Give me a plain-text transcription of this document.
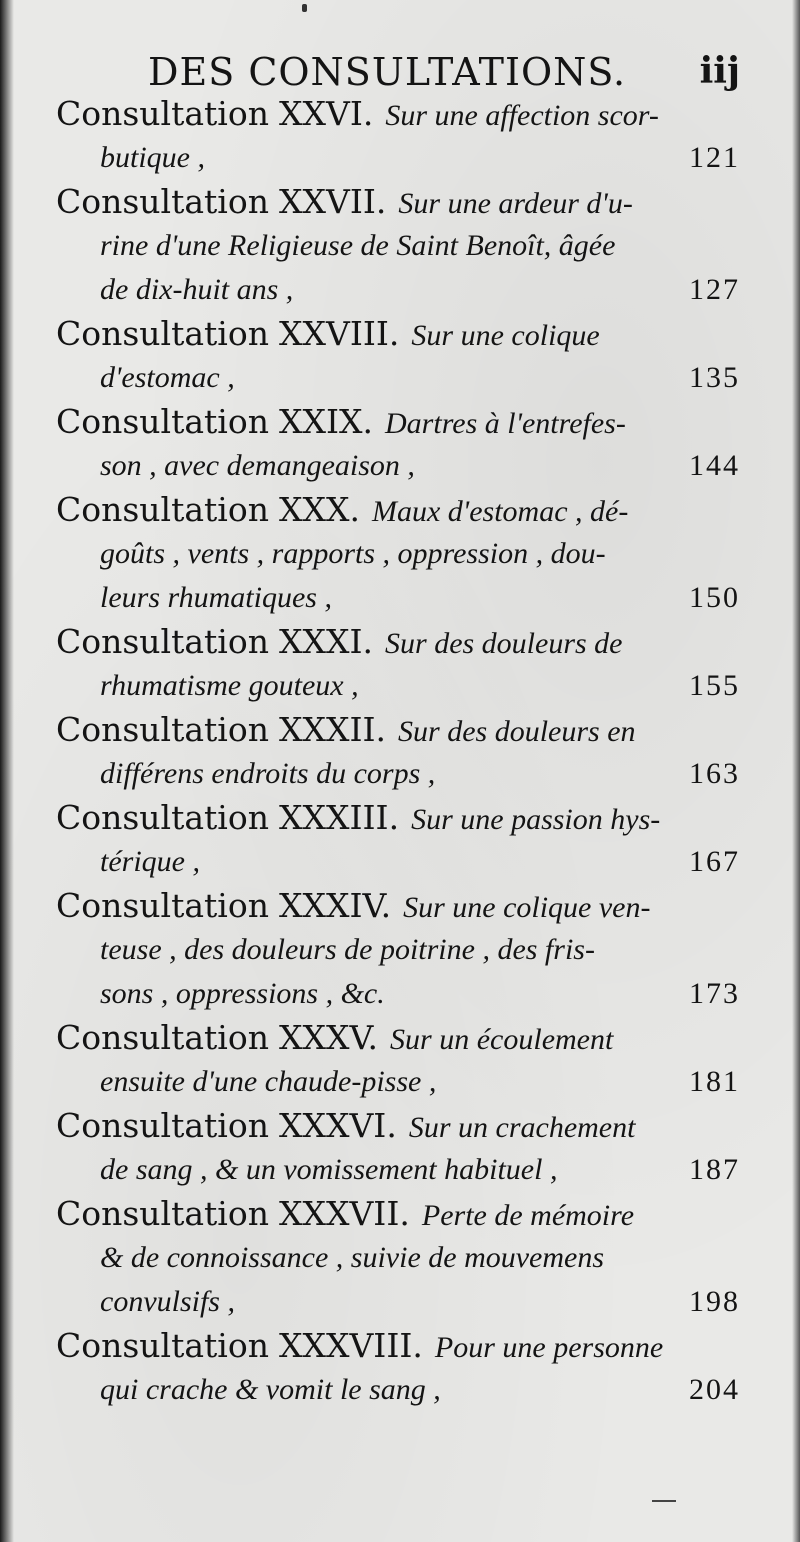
DES CONSULTATIONS. iij
Consultation XXVI. Sur une affection scor-
butique ,	121
Consultation XXVII. Sur une ardeur d'u-
rine d'une Religieuse de Saint Benoît, âgée
de dix-huit ans ,	127
Consultation XXVIII. Sur une colique
d'estomac ,	135
Consultation XXIX. Dartres à l'entrefes-
son , avec demangeaison ,	144
Consultation XXX. Maux d'estomac , dé-
goûts , vents , rapports , oppression , dou-
leurs rhumatiques ,	150
Consultation XXXI. Sur des douleurs de
rhumatisme gouteux ,	155
Consultation XXXII. Sur des douleurs en
différens endroits du corps ,	163
Consultation XXXIII. Sur une passion hys-
térique ,	167
Consultation XXXIV. Sur une colique ven-
teuse , des douleurs de poitrine , des fris-
sons , oppressions , &c.	173
Consultation XXXV. Sur un écoulement
ensuite d'une chaude-pisse ,	181
Consultation XXXVI. Sur un crachement
de sang , & un vomissement habituel ,	187
Consultation XXXVII. Perte de mémoire
& de connoissance , suivie de mouvemens
convulsifs ,	198
Consultation XXXVIII. Pour une personne
qui crache & vomit le sang ,	204
